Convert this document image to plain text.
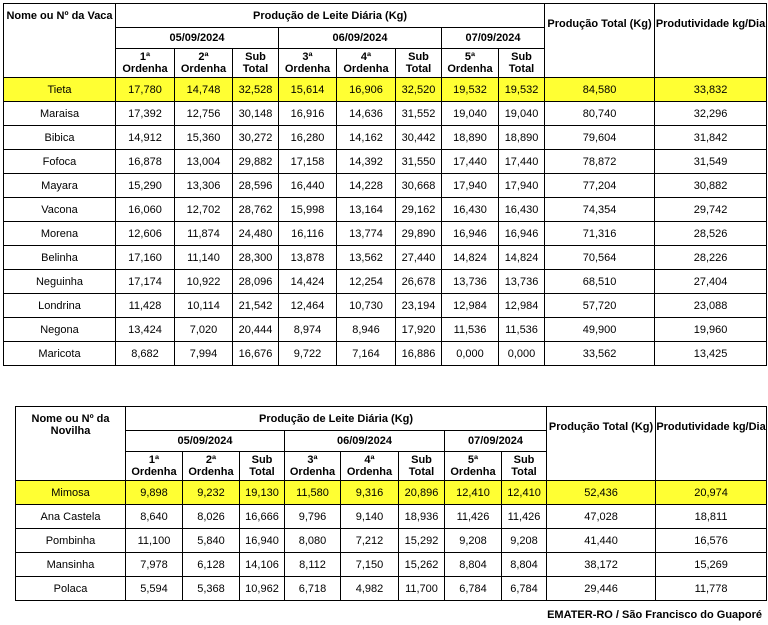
Nome ou Nº da Vaca	Produção de Leite Diária (Kg)								Produção Total (Kg)	Produtividade kg/Dia
	05/09/2024			06/09/2024			07/09/2024			
	1ª Ordenha	2ª Ordenha	Sub Total	3ª Ordenha	4ª Ordenha	Sub Total	5ª Ordenha	Sub Total		
Tieta	17,780	14,748	32,528	15,614	16,906	32,520	19,532	19,532	84,580	33,832
Maraisa	17,392	12,756	30,148	16,916	14,636	31,552	19,040	19,040	80,740	32,296
Bibica	14,912	15,360	30,272	16,280	14,162	30,442	18,890	18,890	79,604	31,842
Fofoca	16,878	13,004	29,882	17,158	14,392	31,550	17,440	17,440	78,872	31,549
Mayara	15,290	13,306	28,596	16,440	14,228	30,668	17,940	17,940	77,204	30,882
Vacona	16,060	12,702	28,762	15,998	13,164	29,162	16,430	16,430	74,354	29,742
Morena	12,606	11,874	24,480	16,116	13,774	29,890	16,946	16,946	71,316	28,526
Belinha	17,160	11,140	28,300	13,878	13,562	27,440	14,824	14,824	70,564	28,226
Neguinha	17,174	10,922	28,096	14,424	12,254	26,678	13,736	13,736	68,510	27,404
Londrina	11,428	10,114	21,542	12,464	10,730	23,194	12,984	12,984	57,720	23,088
Negona	13,424	7,020	20,444	8,974	8,946	17,920	11,536	11,536	49,900	19,960
Maricota	8,682	7,994	16,676	9,722	7,164	16,886	0,000	0,000	33,562	13,425
Nome ou Nº da Novilha	Produção de Leite Diária (Kg)								Produção Total (Kg)	Produtividade kg/Dia
	05/09/2024			06/09/2024			07/09/2024			
	1ª Ordenha	2ª Ordenha	Sub Total	3ª Ordenha	4ª Ordenha	Sub Total	5ª Ordenha	Sub Total		
Mimosa	9,898	9,232	19,130	11,580	9,316	20,896	12,410	12,410	52,436	20,974
Ana Castela	8,640	8,026	16,666	9,796	9,140	18,936	11,426	11,426	47,028	18,811
Pombinha	11,100	5,840	16,940	8,080	7,212	15,292	9,208	9,208	41,440	16,576
Mansinha	7,978	6,128	14,106	8,112	7,150	15,262	8,804	8,804	38,172	15,269
Polaca	5,594	5,368	10,962	6,718	4,982	11,700	6,784	6,784	29,446	11,778
EMATER-RO / São Francisco do Guaporé
